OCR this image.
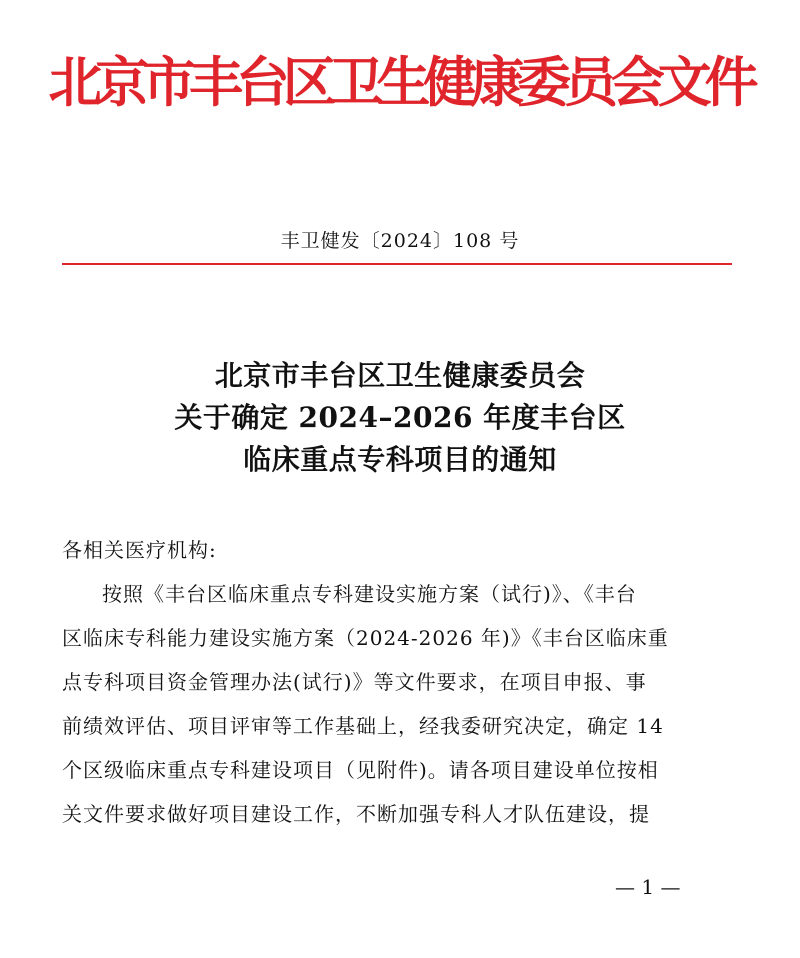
北京市丰台区卫生健康委员会文件
丰卫健发〔2024〕108 号
北京市丰台区卫生健康委员会
关于确定 2024–2026 年度丰台区
临床重点专科项目的通知
各相关医疗机构:
按照《丰台区临床重点专科建设实施方案（试行)》、《丰台
区临床专科能力建设实施方案（2024-2026 年)》《丰台区临床重
点专科项目资金管理办法(试行)》等文件要求，在项目申报、事
前绩效评估、项目评审等工作基础上，经我委研究决定，确定 14
个区级临床重点专科建设项目（见附件)。请各项目建设单位按相
关文件要求做好项目建设工作，不断加强专科人才队伍建设，提
— 1 —
